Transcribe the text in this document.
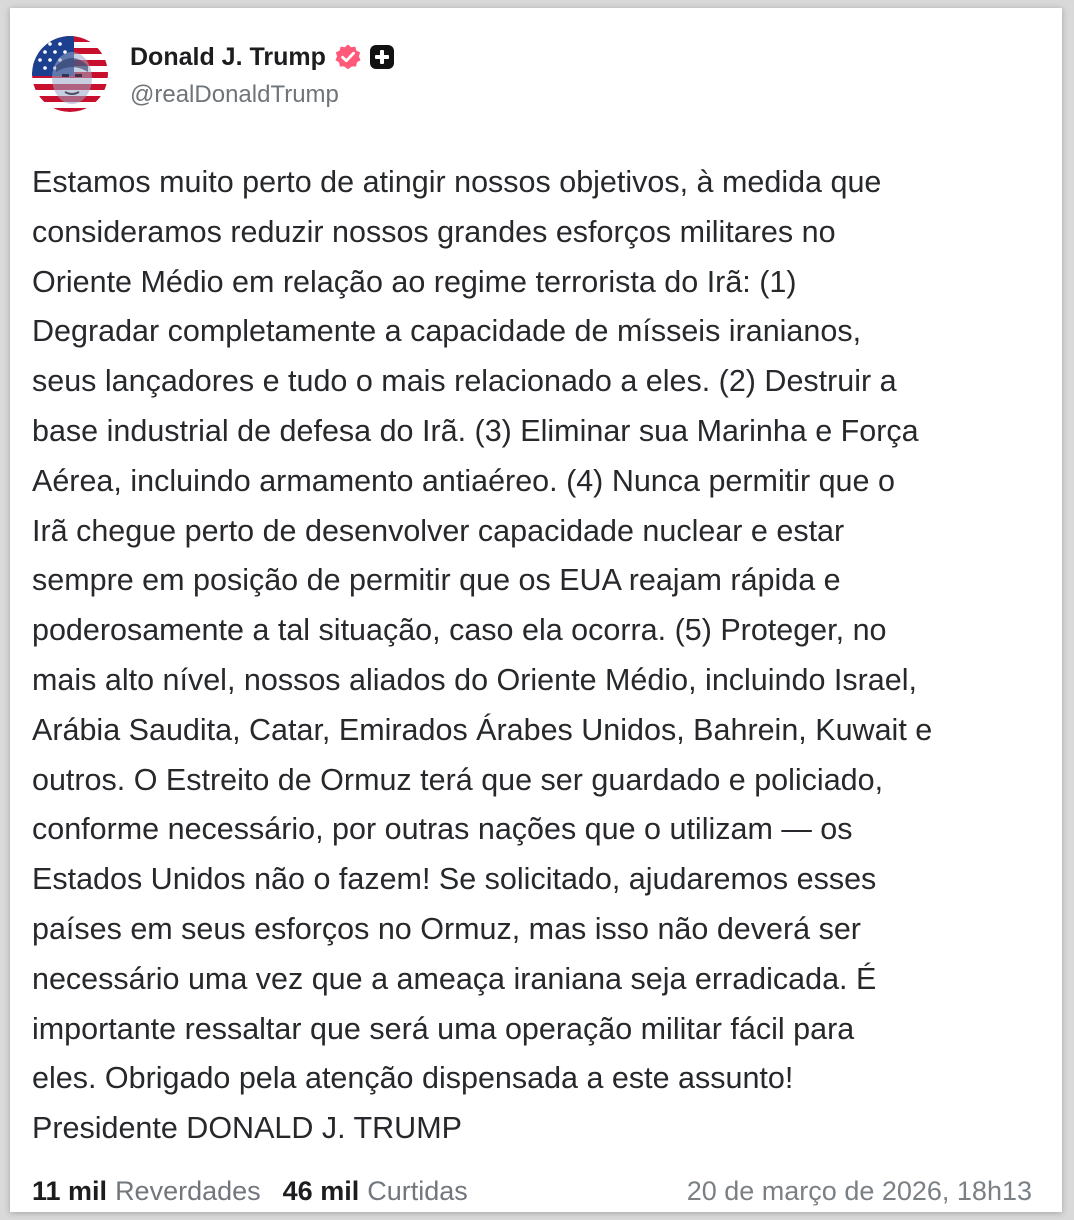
Donald J. Trump
@realDonaldTrump
Estamos muito perto de atingir nossos objetivos, à medida que
consideramos reduzir nossos grandes esforços militares no
Oriente Médio em relação ao regime terrorista do Irã: (1)
Degradar completamente a capacidade de mísseis iranianos,
seus lançadores e tudo o mais relacionado a eles. (2) Destruir a
base industrial de defesa do Irã. (3) Eliminar sua Marinha e Força
Aérea, incluindo armamento antiaéreo. (4) Nunca permitir que o
Irã chegue perto de desenvolver capacidade nuclear e estar
sempre em posição de permitir que os EUA reajam rápida e
poderosamente a tal situação, caso ela ocorra. (5) Proteger, no
mais alto nível, nossos aliados do Oriente Médio, incluindo Israel,
Arábia Saudita, Catar, Emirados Árabes Unidos, Bahrein, Kuwait e
outros. O Estreito de Ormuz terá que ser guardado e policiado,
conforme necessário, por outras nações que o utilizam — os
Estados Unidos não o fazem! Se solicitado, ajudaremos esses
países em seus esforços no Ormuz, mas isso não deverá ser
necessário uma vez que a ameaça iraniana seja erradicada. É
importante ressaltar que será uma operação militar fácil para
eles. Obrigado pela atenção dispensada a este assunto!
Presidente DONALD J. TRUMP
11 mil Reverdades 46 mil Curtidas	20 de março de 2026, 18h13
